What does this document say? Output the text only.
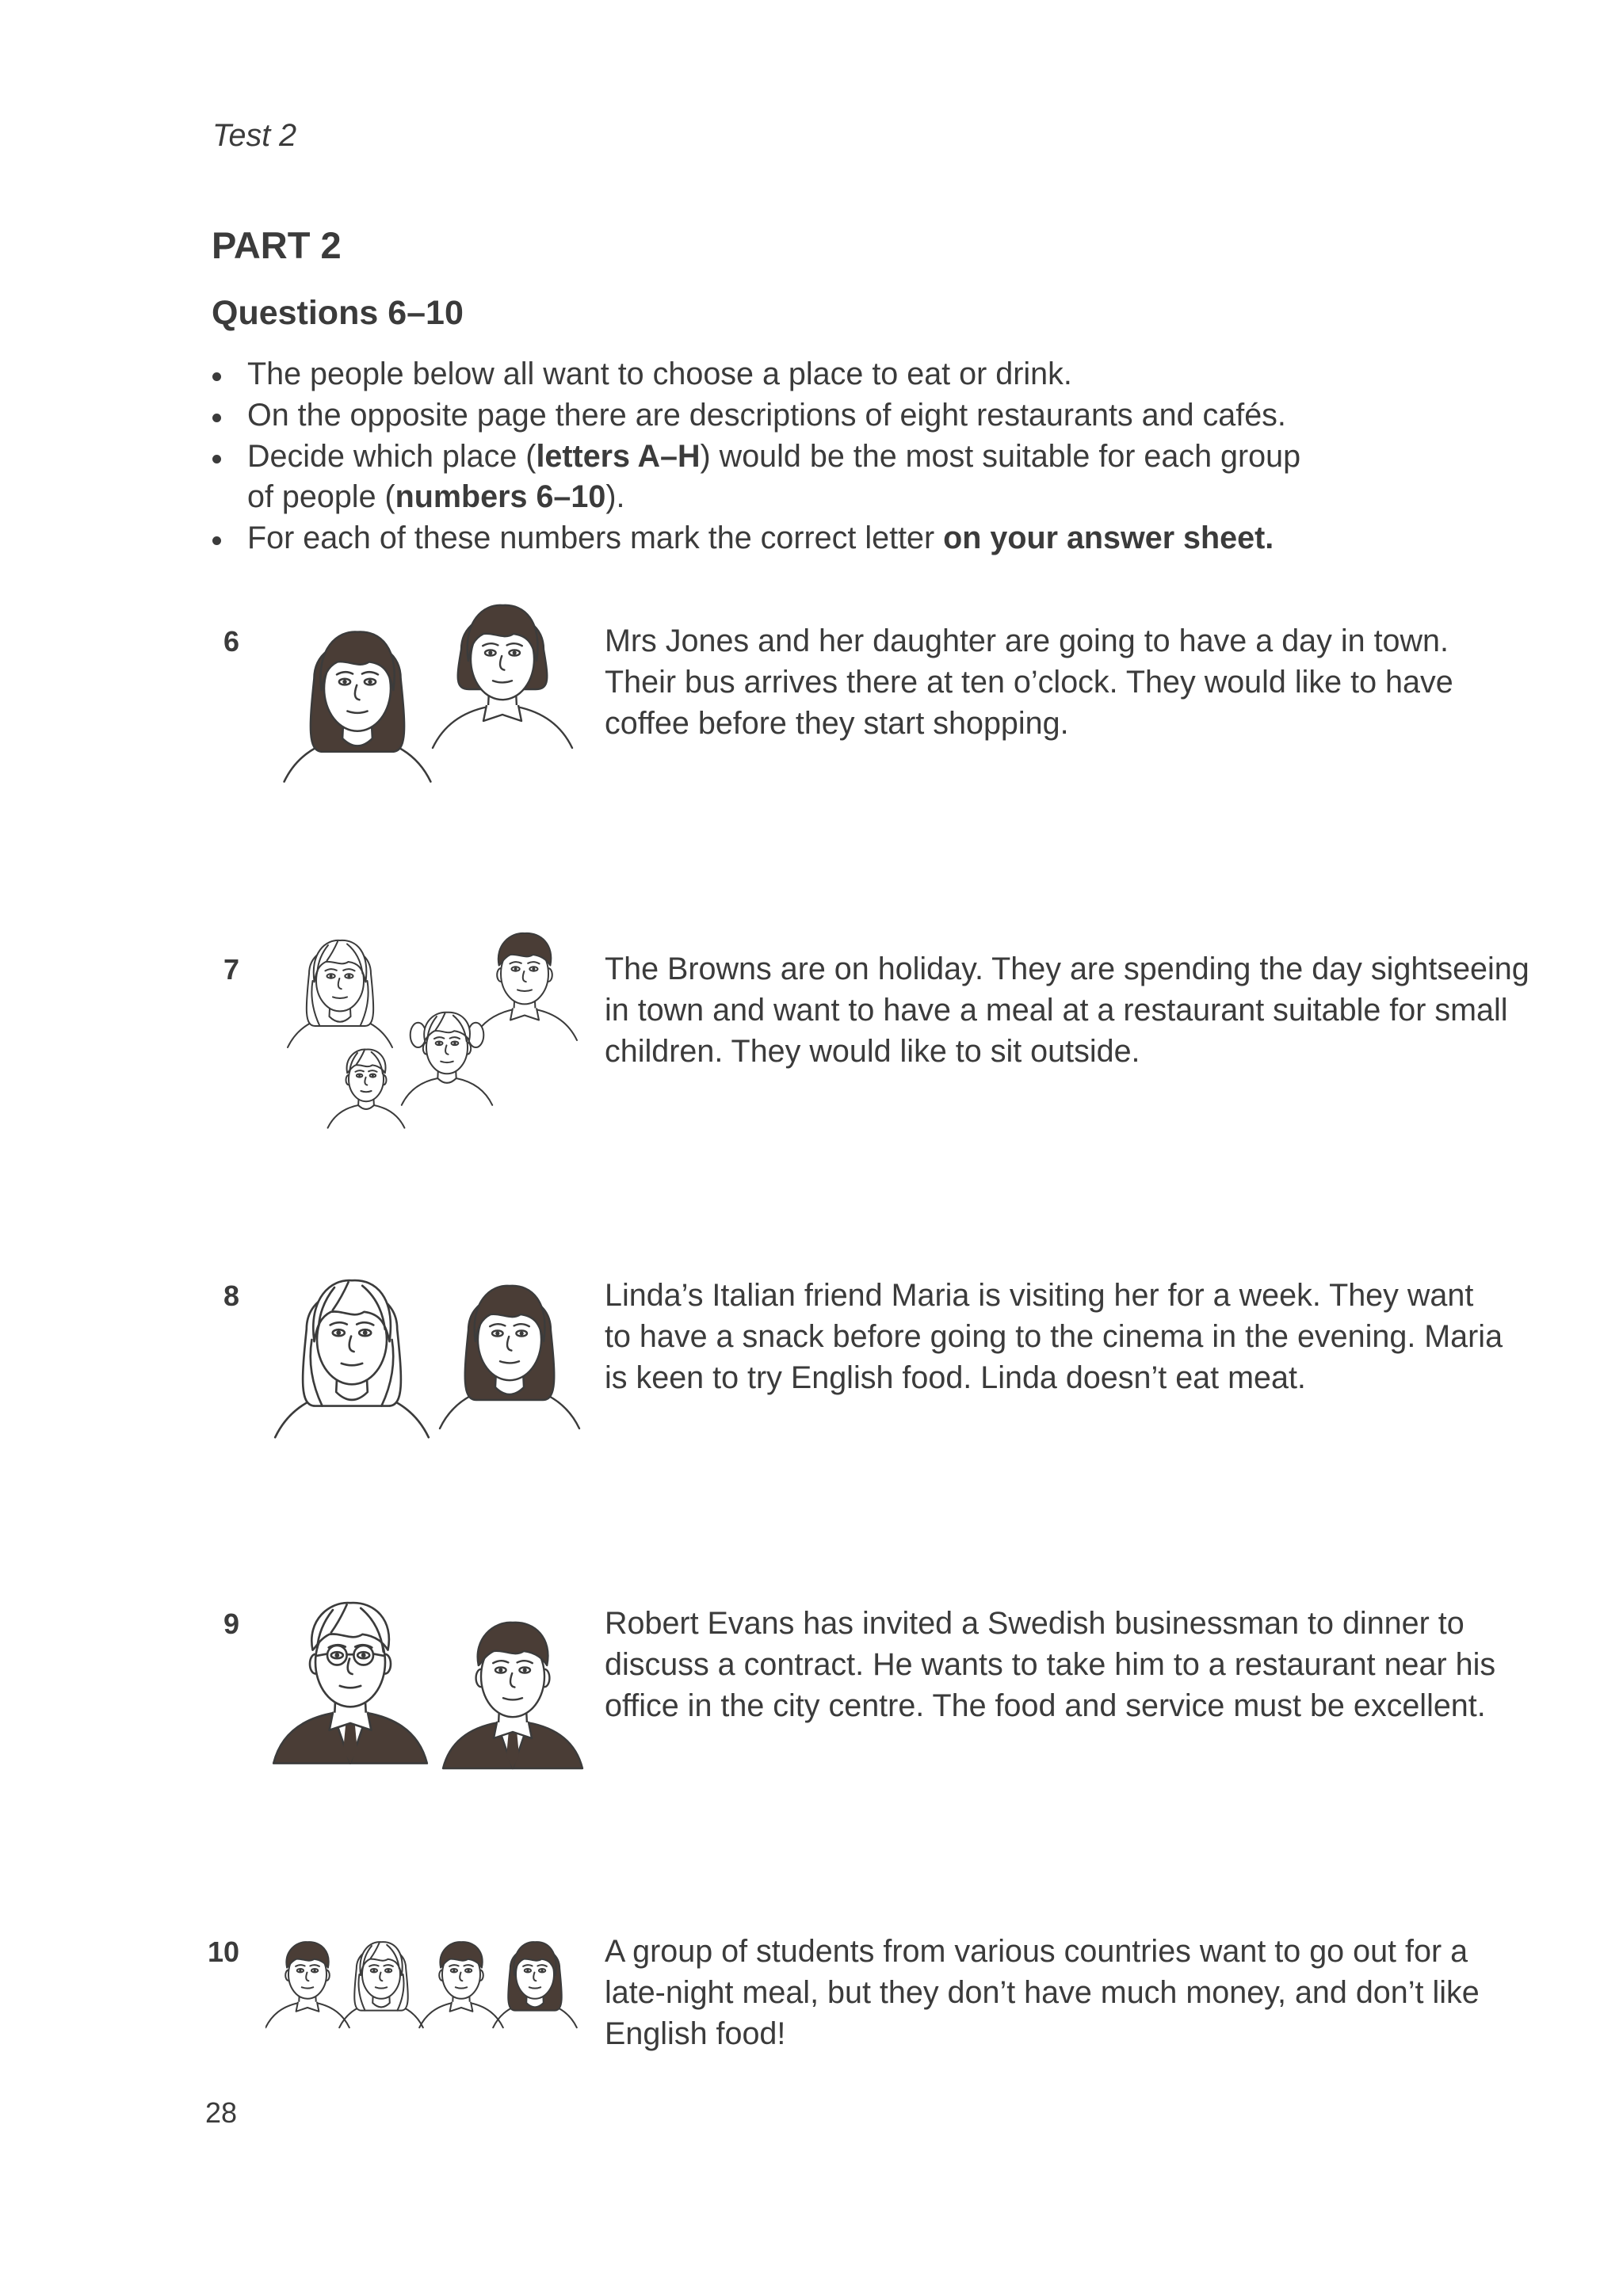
Test 2
PART 2
Questions 6–10
The people below all want to choose a place to eat or drink.
On the opposite page there are descriptions of eight restaurants and cafés.
Decide which place (letters A–H) would be the most suitable for each group
of people (numbers 6–10).
For each of these numbers mark the correct letter on your answer sheet.
6	Mrs Jones and her daughter are going to have a day in town.
Their bus arrives there at ten o’clock. They would like to have
coffee before they start shopping.
7	The Browns are on holiday. They are spending the day sightseeing
in town and want to have a meal at a restaurant suitable for small
children. They would like to sit outside.
8	Linda’s Italian friend Maria is visiting her for a week. They want
to have a snack before going to the cinema in the evening. Maria
is keen to try English food. Linda doesn’t eat meat.
9	Robert Evans has invited a Swedish businessman to dinner to
discuss a contract. He wants to take him to a restaurant near his
office in the city centre. The food and service must be excellent.
10	A group of students from various countries want to go out for a
late-night meal, but they don’t have much money, and don’t like
English food!
28
